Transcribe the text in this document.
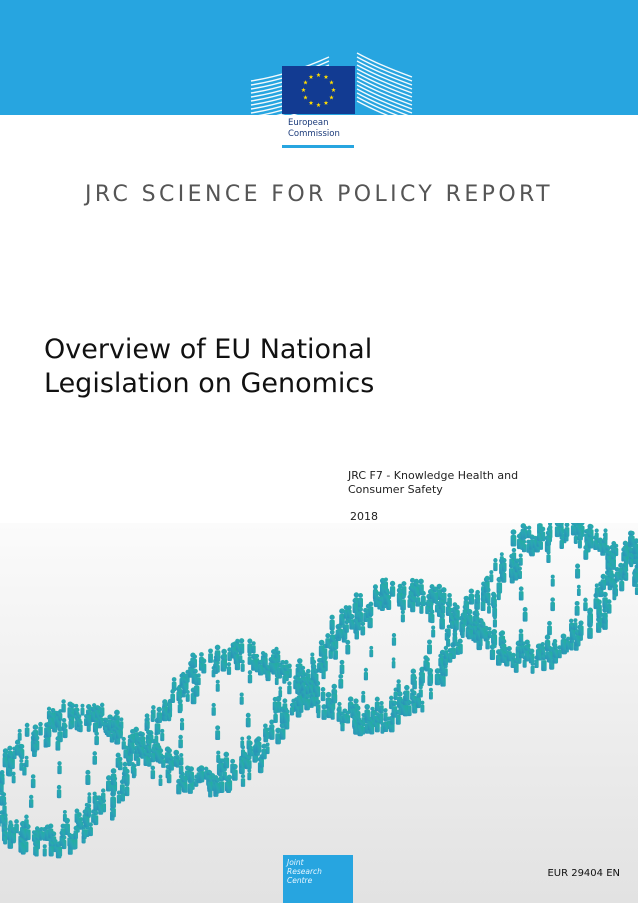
European
Commission
JRC SCIENCE FOR POLICY REPORT
Overview of EU National
Legislation on Genomics
JRC F7 - Knowledge Health and
Consumer Safety
2018
Joint
Research
Centre
EUR 29404 EN
